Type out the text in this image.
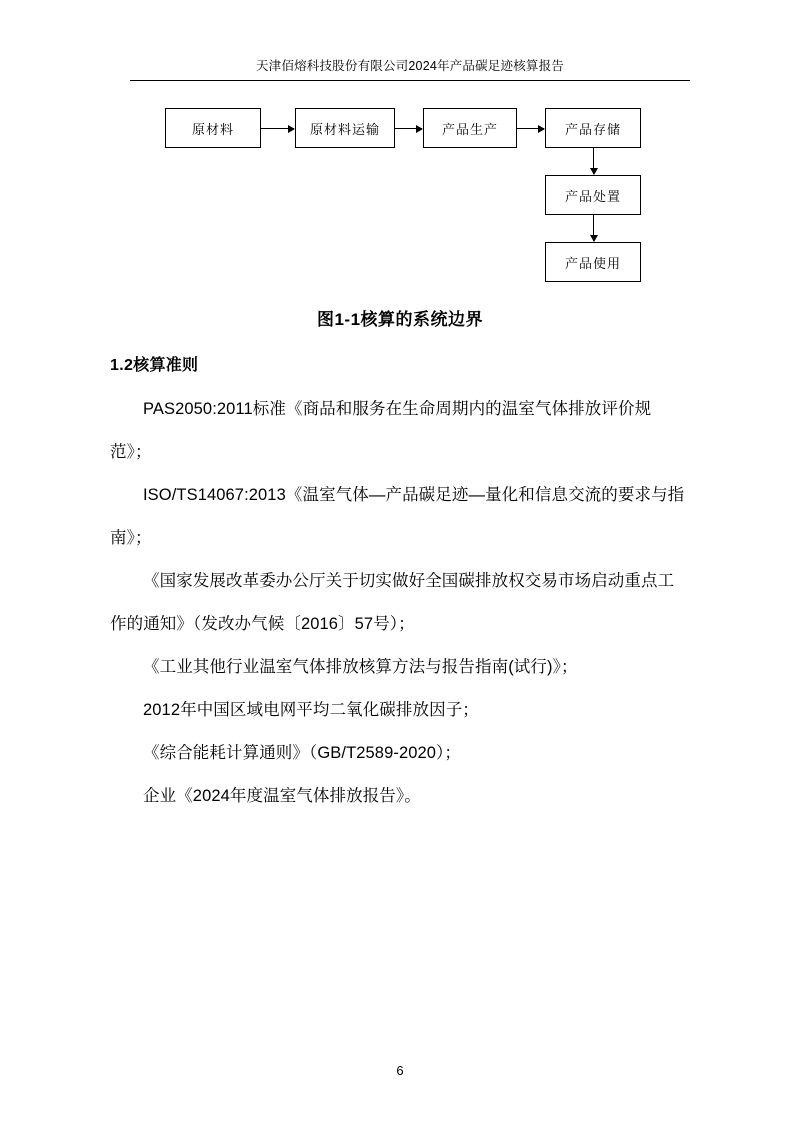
天津佰熔科技股份有限公司2024年产品碳足迹核算报告
原材料	原材料运输	产品生产	产品存储
产品处置
产品使用
图1-1核算的系统边界
1.2核算准则

PAS2050:2011标准《商品和服务在生命周期内的温室气体排放评价规范》；

ISO/TS14067:2013《温室气体—产品碳足迹—量化和信息交流的要求与指南》；

《国家发展改革委办公厅关于切实做好全国碳排放权交易市场启动重点工作的通知》（发改办气候〔2016〕57号）；

《工业其他行业温室气体排放核算方法与报告指南(试行)》；

2012年中国区域电网平均二氧化碳排放因子；

《综合能耗计算通则》（GB/T2589-2020）；

企业《2024年度温室气体排放报告》。

6
